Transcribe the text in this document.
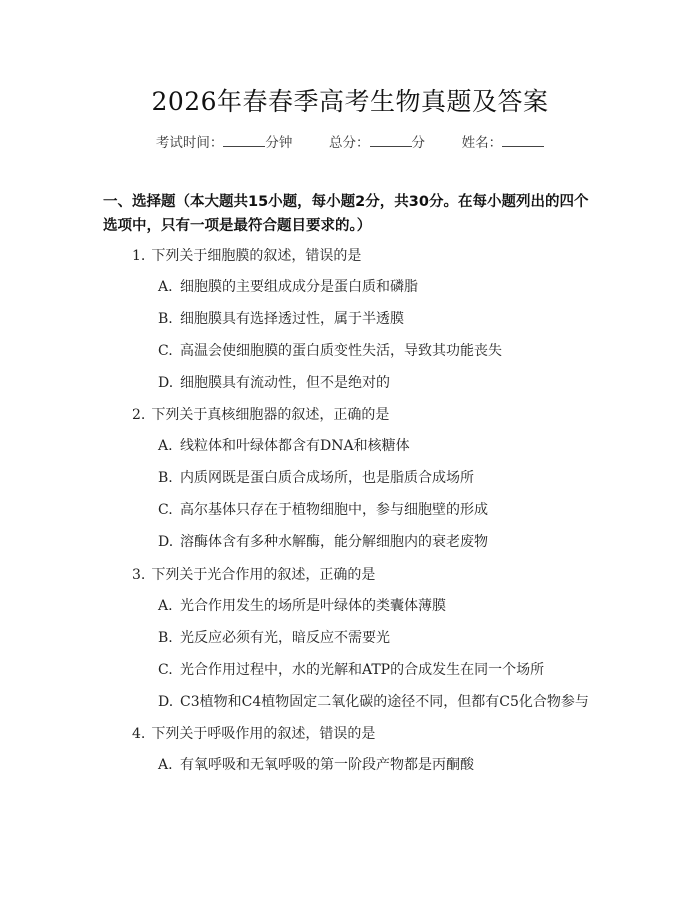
2026年春春季高考生物真题及答案
考试时间：	分钟	总分：	分	姓名：
一、选择题（本大题共15小题，每小题2分，共30分。在每小题列出的四个选项中，只有一项是最符合题目要求的。）
1. 下列关于细胞膜的叙述，错误的是
A. 细胞膜的主要组成成分是蛋白质和磷脂
B. 细胞膜具有选择透过性，属于半透膜
C. 高温会使细胞膜的蛋白质变性失活，导致其功能丧失
D. 细胞膜具有流动性，但不是绝对的
2. 下列关于真核细胞器的叙述，正确的是
A. 线粒体和叶绿体都含有DNA和核糖体
B. 内质网既是蛋白质合成场所，也是脂质合成场所
C. 高尔基体只存在于植物细胞中，参与细胞壁的形成
D. 溶酶体含有多种水解酶，能分解细胞内的衰老废物
3. 下列关于光合作用的叙述，正确的是
A. 光合作用发生的场所是叶绿体的类囊体薄膜
B. 光反应必须有光，暗反应不需要光
C. 光合作用过程中，水的光解和ATP的合成发生在同一个场所
D. C3植物和C4植物固定二氧化碳的途径不同，但都有C5化合物参与
4. 下列关于呼吸作用的叙述，错误的是
A. 有氧呼吸和无氧呼吸的第一阶段产物都是丙酮酸
